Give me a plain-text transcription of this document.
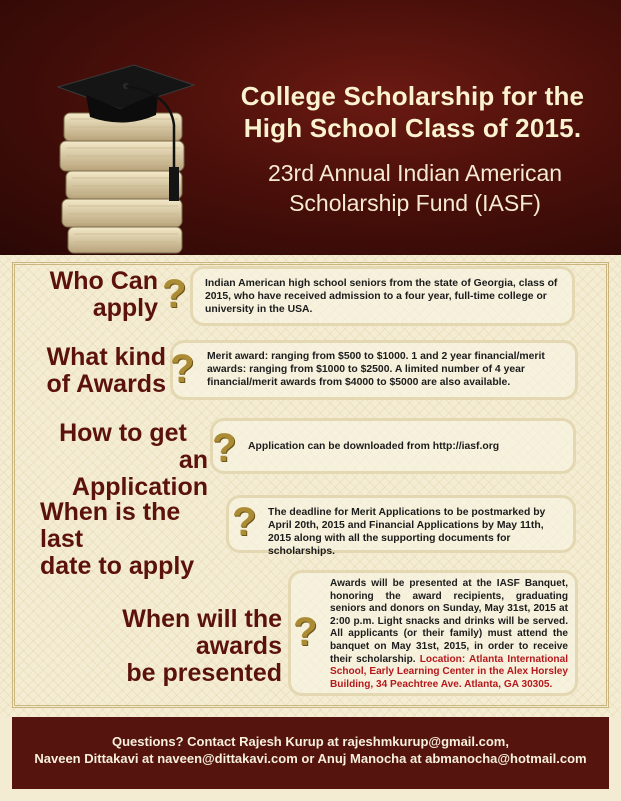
College Scholarship for the
High School Class of 2015.
23rd Annual Indian American
Scholarship Fund (IASF)
Who Can
apply ? Indian American high school seniors from the state of Georgia, class of 2015, who have received admission to a four year, full-time college or university in the USA.
What kind
of Awards ? Merit award: ranging from $500 to $1000. 1 and 2 year financial/merit awards: ranging from $1000 to $2500. A limited number of 4 year financial/merit awards from $4000 to $5000 are also available.
How to get
an Application
? Application can be downloaded from http://iasf.org
When is the last
date to apply
? The deadline for Merit Applications to be postmarked by April 20th, 2015 and Financial Applications by May 11th, 2015 along with all the supporting documents for scholarships.
When will the awards
be presented
?
Awards will be presented at the IASF Banquet, honoring the award recipients, graduating seniors and donors on Sunday, May 31st, 2015 at 2:00 p.m. Light snacks and drinks will be served. All applicants (or their family) must attend the banquet on May 31st, 2015, in order to receive their scholarship. Location: Atlanta International School, Early Learning Center in the Alex Horsley Building, 34 Peachtree Ave. Atlanta, GA 30305.
Questions? Contact Rajesh Kurup at rajeshmkurup@gmail.com,
Naveen Dittakavi at naveen@dittakavi.com or Anuj Manocha at abmanocha@hotmail.com
